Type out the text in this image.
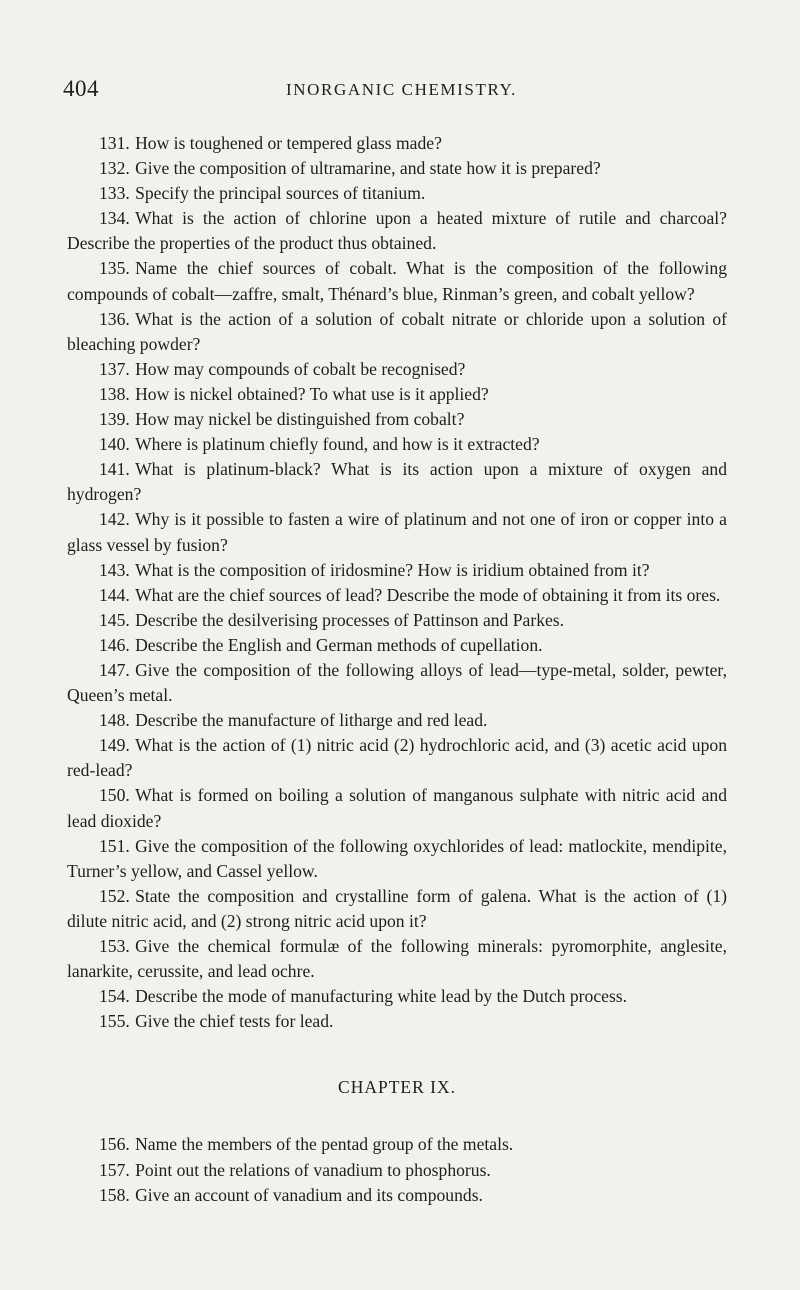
404	INORGANIC CHEMISTRY.

131. How is toughened or tempered glass made?

132. Give the composition of ultramarine, and state how it is prepared?

133. Specify the principal sources of titanium.

134. What is the action of chlorine upon a heated mixture of rutile and charcoal? Describe the properties of the product thus obtained.

135. Name the chief sources of cobalt. What is the composition of the following compounds of cobalt—zaffre, smalt, Thénard’s blue, Rinman’s green, and cobalt yellow?

136. What is the action of a solution of cobalt nitrate or chloride upon a solution of bleaching powder?

137. How may compounds of cobalt be recognised?

138. How is nickel obtained? To what use is it applied?

139. How may nickel be distinguished from cobalt?

140. Where is platinum chiefly found, and how is it extracted?

141. What is platinum-black? What is its action upon a mixture of oxygen and hydrogen?

142. Why is it possible to fasten a wire of platinum and not one of iron or copper into a glass vessel by fusion?

143. What is the composition of iridosmine? How is iridium obtained from it?

144. What are the chief sources of lead? Describe the mode of obtaining it from its ores.

145. Describe the desilverising processes of Pattinson and Parkes.

146. Describe the English and German methods of cupellation.

147. Give the composition of the following alloys of lead—type-metal, solder, pewter, Queen’s metal.

148. Describe the manufacture of litharge and red lead.

149. What is the action of (1) nitric acid (2) hydrochloric acid, and (3) acetic acid upon red-lead?

150. What is formed on boiling a solution of manganous sulphate with nitric acid and lead dioxide?

151. Give the composition of the following oxychlorides of lead: matlockite, mendipite, Turner’s yellow, and Cassel yellow.

152. State the composition and crystalline form of galena. What is the action of (1) dilute nitric acid, and (2) strong nitric acid upon it?

153. Give the chemical formulæ of the following minerals: pyromorphite, anglesite, lanarkite, cerussite, and lead ochre.

154. Describe the mode of manufacturing white lead by the Dutch process.

155. Give the chief tests for lead.

CHAPTER IX.

156. Name the members of the pentad group of the metals.

157. Point out the relations of vanadium to phosphorus.

158. Give an account of vanadium and its compounds.
